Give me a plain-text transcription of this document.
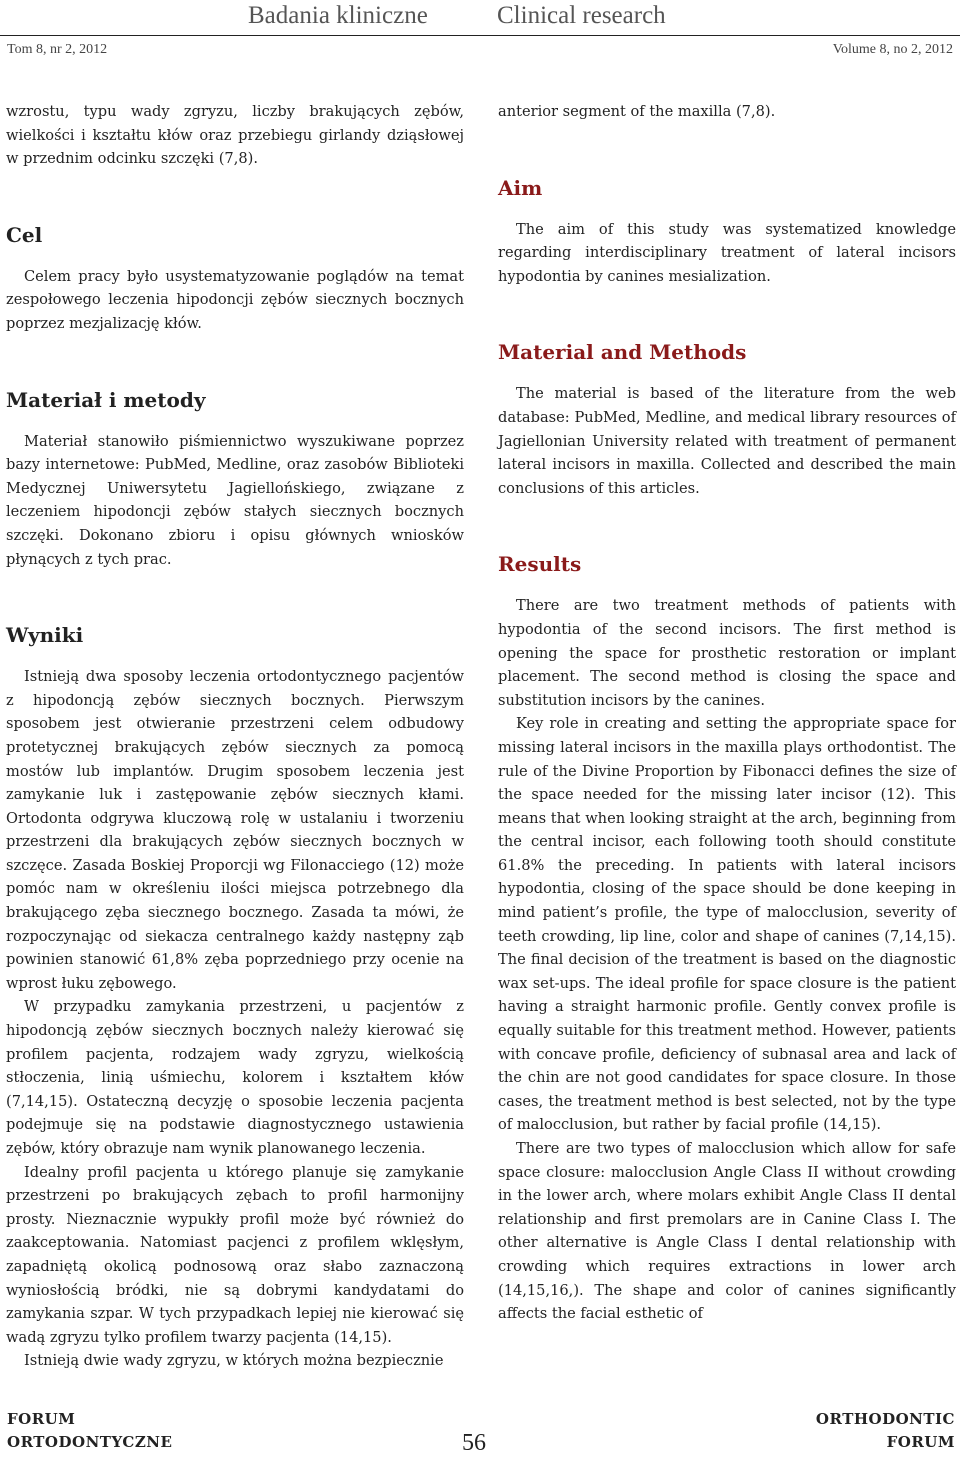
Badania kliniczne	Clinical research
Tom 8, nr 2, 2012	Volume 8, no 2, 2012

wzrostu, typu wady zgryzu, liczby brakujących zębów, wielkości i kształtu kłów oraz przebiegu girlandy dziąsłowej w przednim odcinku szczęki (7,8).

Cel

Celem pracy było usystematyzowanie poglądów na temat zespołowego leczenia hipodoncji zębów siecznych bocznych poprzez mezjalizację kłów.

Materiał i metody

Materiał stanowiło piśmiennictwo wyszukiwane poprzez bazy internetowe: PubMed, Medline, oraz zasobów Biblioteki Medycznej Uniwersytetu Jagiellońskiego, związane z leczeniem hipodoncji zębów stałych siecznych bocznych szczęki. Dokonano zbioru i opisu głównych wniosków płynących z tych prac.

Wyniki

Istnieją dwa sposoby leczenia ortodontycznego pacjentów z hipodoncją zębów siecznych bocznych. Pierwszym sposobem jest otwieranie przestrzeni celem odbudowy protetycznej brakujących zębów siecznych za pomocą mostów lub implantów. Drugim sposobem leczenia jest zamykanie luk i zastępowanie zębów siecznych kłami. Ortodonta odgrywa kluczową rolę w ustalaniu i tworzeniu przestrzeni dla brakujących zębów siecznych bocznych w szczęce. Zasada Boskiej Proporcji wg Filonacciego (12) może pomóc nam w określeniu ilości miejsca potrzebnego dla brakującego zęba siecznego bocznego. Zasada ta mówi, że rozpoczynając od siekacza centralnego każdy następny ząb powinien stanowić 61,8% zęba poprzedniego przy ocenie na wprost łuku zębowego.

W przypadku zamykania przestrzeni, u pacjentów z hipodoncją zębów siecznych bocznych należy kierować się profilem pacjenta, rodzajem wady zgryzu, wielkością stłoczenia, linią uśmiechu, kolorem i kształtem kłów (7,14,15). Ostateczną decyzję o sposobie leczenia pacjenta podejmuje się na podstawie diagnostycznego ustawienia zębów, który obrazuje nam wynik planowanego leczenia.

Idealny profil pacjenta u którego planuje się zamykanie przestrzeni po brakujących zębach to profil harmonijny prosty. Nieznacznie wypukły profil może być również do zaakceptowania. Natomiast pacjenci z profilem wklęsłym, zapadniętą okolicą podnosową oraz słabo zaznaczoną wyniosłością bródki, nie są dobrymi kandydatami do zamykania szpar. W tych przypadkach lepiej nie kierować się wadą zgryzu tylko profilem twarzy pacjenta (14,15).

Istnieją dwie wady zgryzu, w których można bezpiecznie

anterior segment of the maxilla (7,8).

Aim

The aim of this study was systematized knowledge regarding interdisciplinary treatment of lateral incisors hypodontia by canines mesialization.

Material and Methods

The material is based of the literature from the web database: PubMed, Medline, and medical library resources of Jagiellonian University related with treatment of permanent lateral incisors in maxilla. Collected and described the main conclusions of this articles.

Results

There are two treatment methods of patients with hypodontia of the second incisors. The first method is opening the space for prosthetic restoration or implant placement. The second method is closing the space and substitution incisors by the canines.

Key role in creating and setting the appropriate space for missing lateral incisors in the maxilla plays orthodontist. The rule of the Divine Proportion by Fibonacci defines the size of the space needed for the missing later incisor (12). This means that when looking straight at the arch, beginning from the central incisor, each following tooth should constitute 61.8% the preceding. In patients with lateral incisors hypodontia, closing of the space should be done keeping in mind patient’s profile, the type of malocclusion, severity of teeth crowding, lip line, color and shape of canines (7,14,15). The final decision of the treatment is based on the diagnostic wax set-ups. The ideal profile for space closure is the patient having a straight harmonic profile. Gently convex profile is equally suitable for this treatment method. However, patients with concave profile, deficiency of subnasal area and lack of the chin are not good candidates for space closure. In those cases, the treatment method is best selected, not by the type of malocclusion, but rather by facial profile (14,15).

There are two types of malocclusion which allow for safe space closure: malocclusion Angle Class II without crowding in the lower arch, where molars exhibit Angle Class II dental relationship and first premolars are in Canine Class I. The other alternative is Angle Class I dental relationship with crowding which requires extractions in lower arch (14,15,16,). The shape and color of canines significantly affects the facial esthetic of

FORUM
ORTODONTYCZNE	56
ORTHODONTIC
FORUM
